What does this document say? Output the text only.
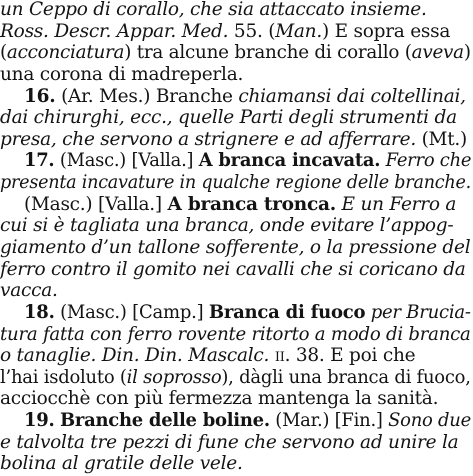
un Ceppo di corallo, che sia attaccato insieme.
Ross. Descr. Appar. Med. 55. (Man.) E sopra essa
(acconciatura) tra alcune branche di corallo (aveva)
una corona di madreperla.
16. (Ar. Mes.) Branche chiamansi dai coltellinai,
dai chirurghi, ecc., quelle Parti degli strumenti da
presa, che servono a strignere e ad afferrare. (Mt.)
17. (Masc.) [Valla.] A branca incavata. Ferro che
presenta incavature in qualche regione delle branche.
(Masc.) [Valla.] A branca tronca. E un Ferro a
cui si è tagliata una branca, onde evitare l’appog-
giamento d’un tallone sofferente, o la pressione del
ferro contro il gomito nei cavalli che si coricano da
vacca.
18. (Masc.) [Camp.] Branca di fuoco per Brucia-
tura fatta con ferro rovente ritorto a modo di branca
o tanaglie. Din. Din. Mascalc. ii. 38. E poi che
l’hai isdoluto (il soprosso), dàgli una branca di fuoco,
acciocchè con più fermezza mantenga la sanità.
19. Branche delle boline. (Mar.) [Fin.] Sono due
e talvolta tre pezzi di fune che servono ad unire la
bolina al gratile delle vele.
